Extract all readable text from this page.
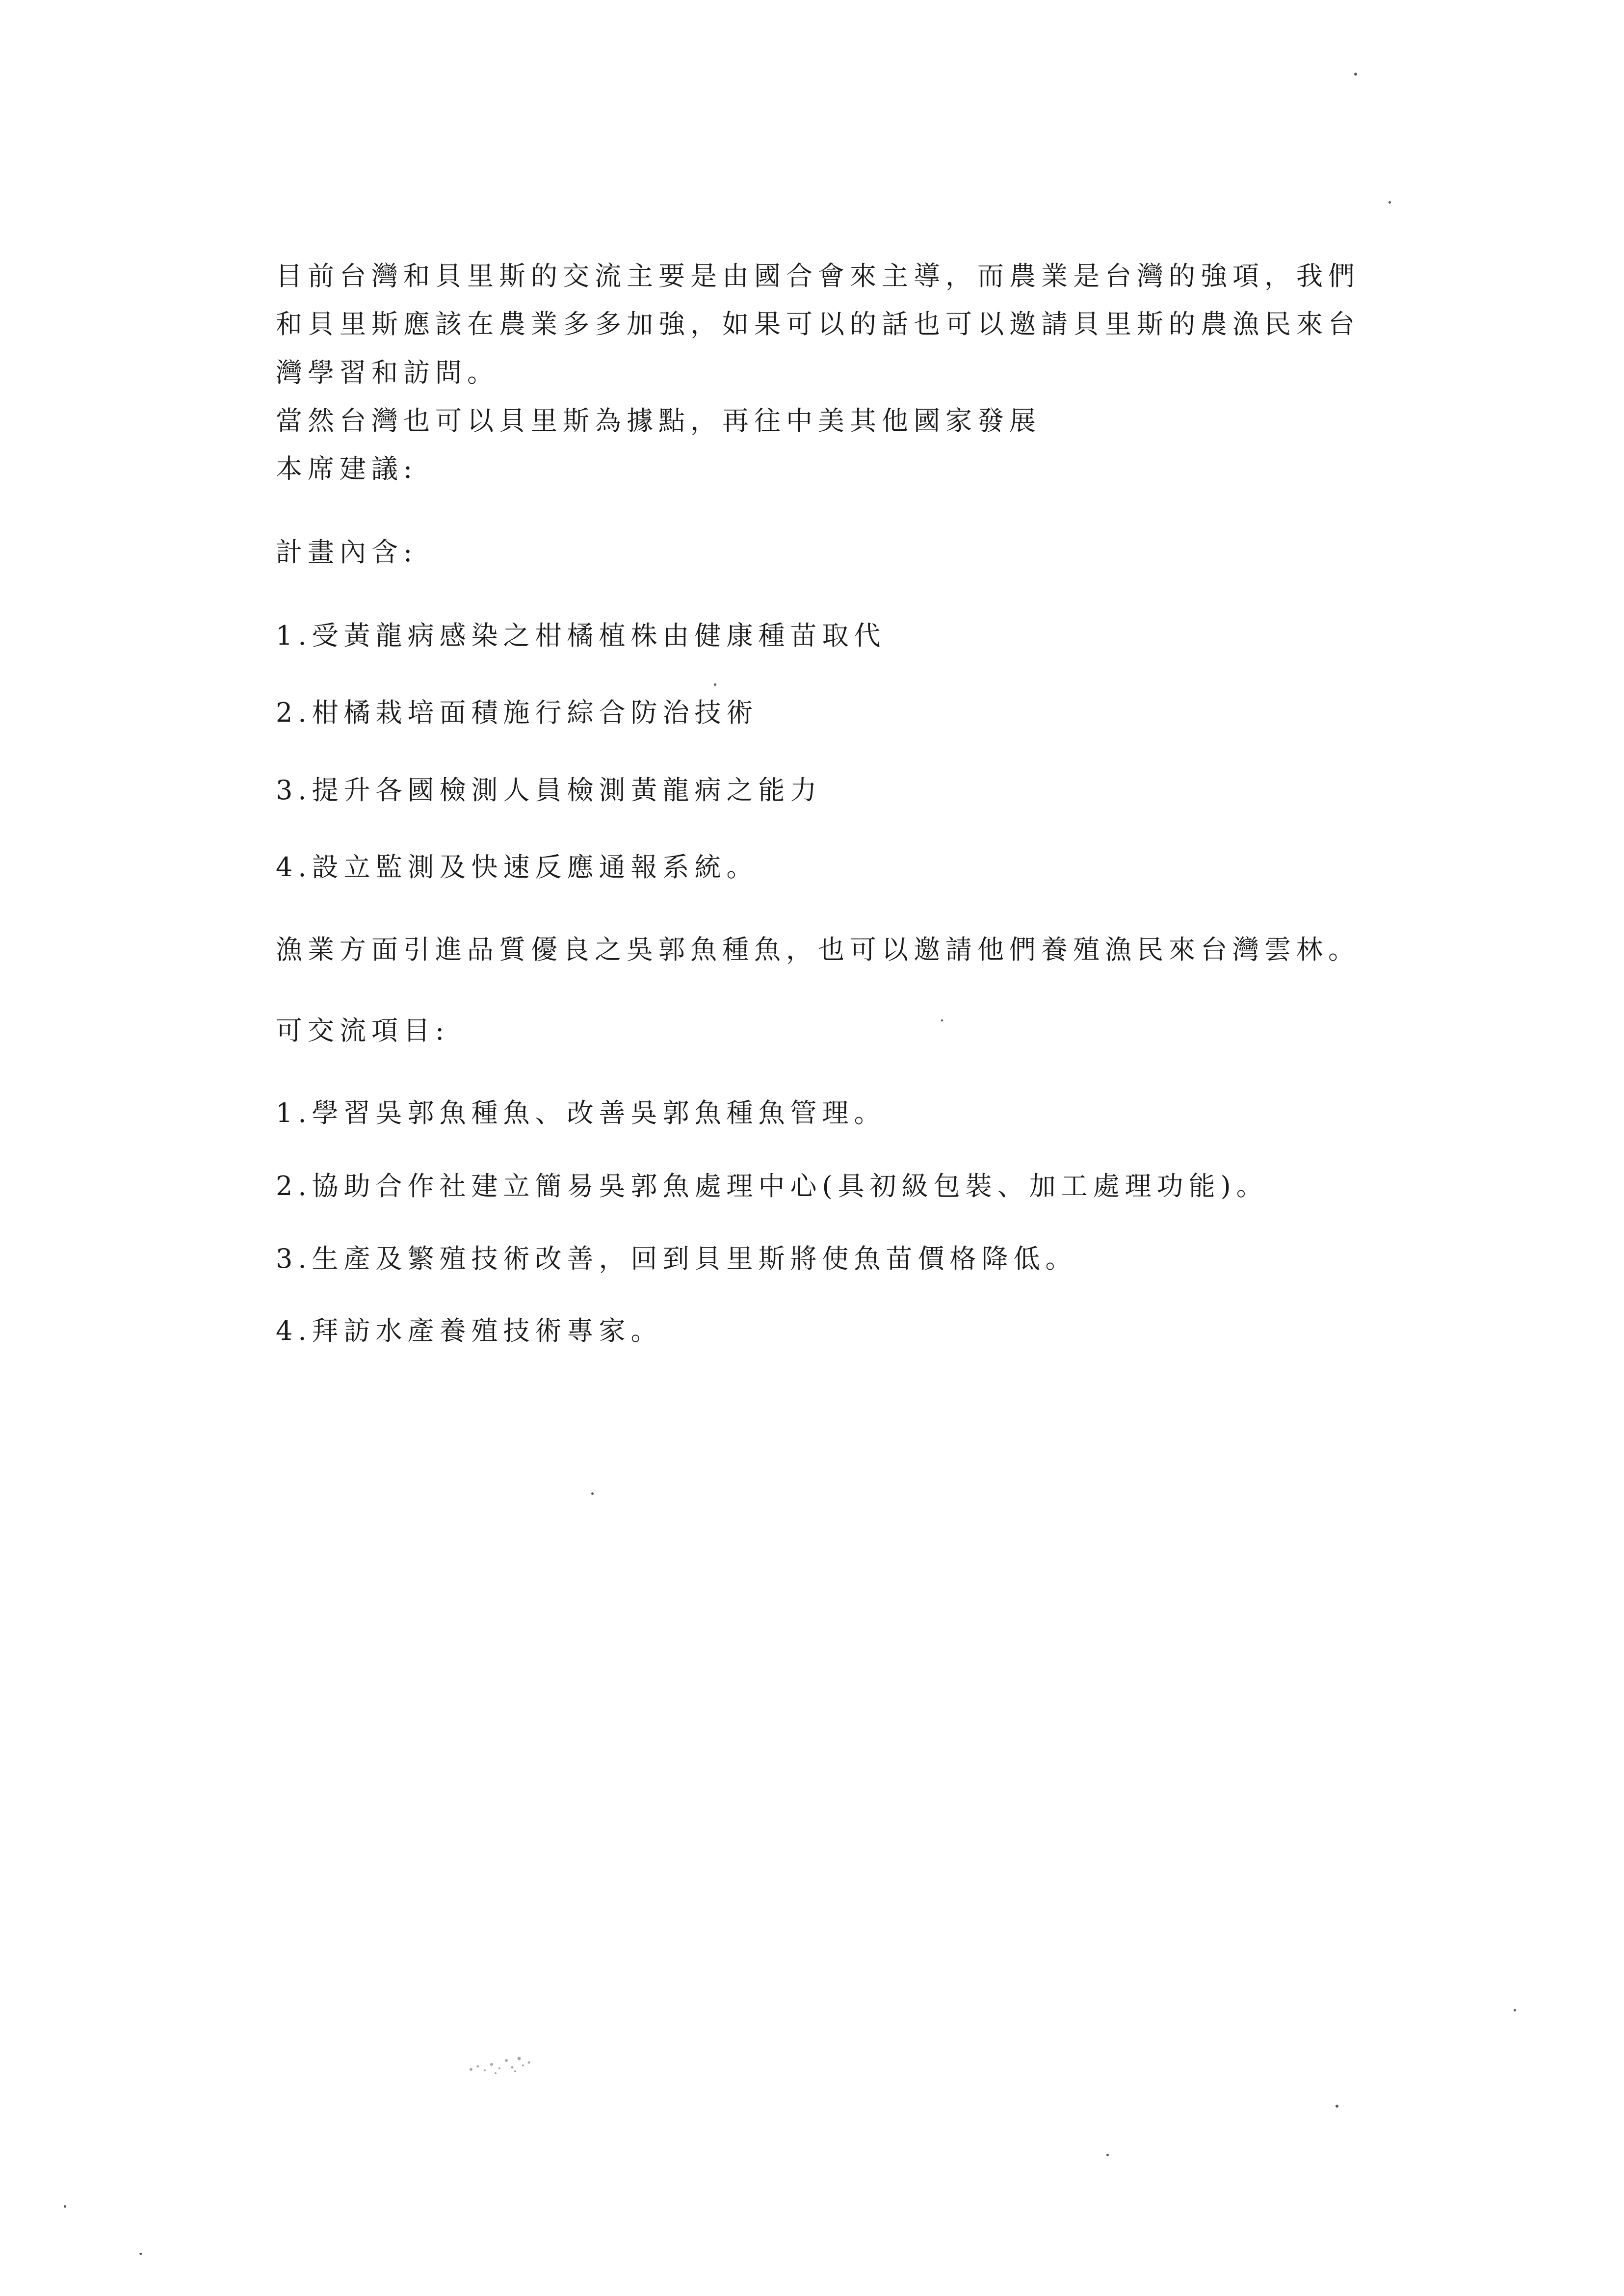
目前台灣和貝里斯的交流主要是由國合會來主導，而農業是台灣的強項，我們

和貝里斯應該在農業多多加強，如果可以的話也可以邀請貝里斯的農漁民來台

灣學習和訪問。

當然台灣也可以貝里斯為據點，再往中美其他國家發展

本席建議:

計畫內含:

1.受黃龍病感染之柑橘植株由健康種苗取代

2.柑橘栽培面積施行綜合防治技術

3.提升各國檢測人員檢測黃龍病之能力

4.設立監測及快速反應通報系統。

漁業方面引進品質優良之吳郭魚種魚，也可以邀請他們養殖漁民來台灣雲林。

可交流項目:

1.學習吳郭魚種魚、改善吳郭魚種魚管理。

2.協助合作社建立簡易吳郭魚處理中心(具初級包裝、加工處理功能)。

3.生產及繁殖技術改善，回到貝里斯將使魚苗價格降低。

4.拜訪水產養殖技術專家。
